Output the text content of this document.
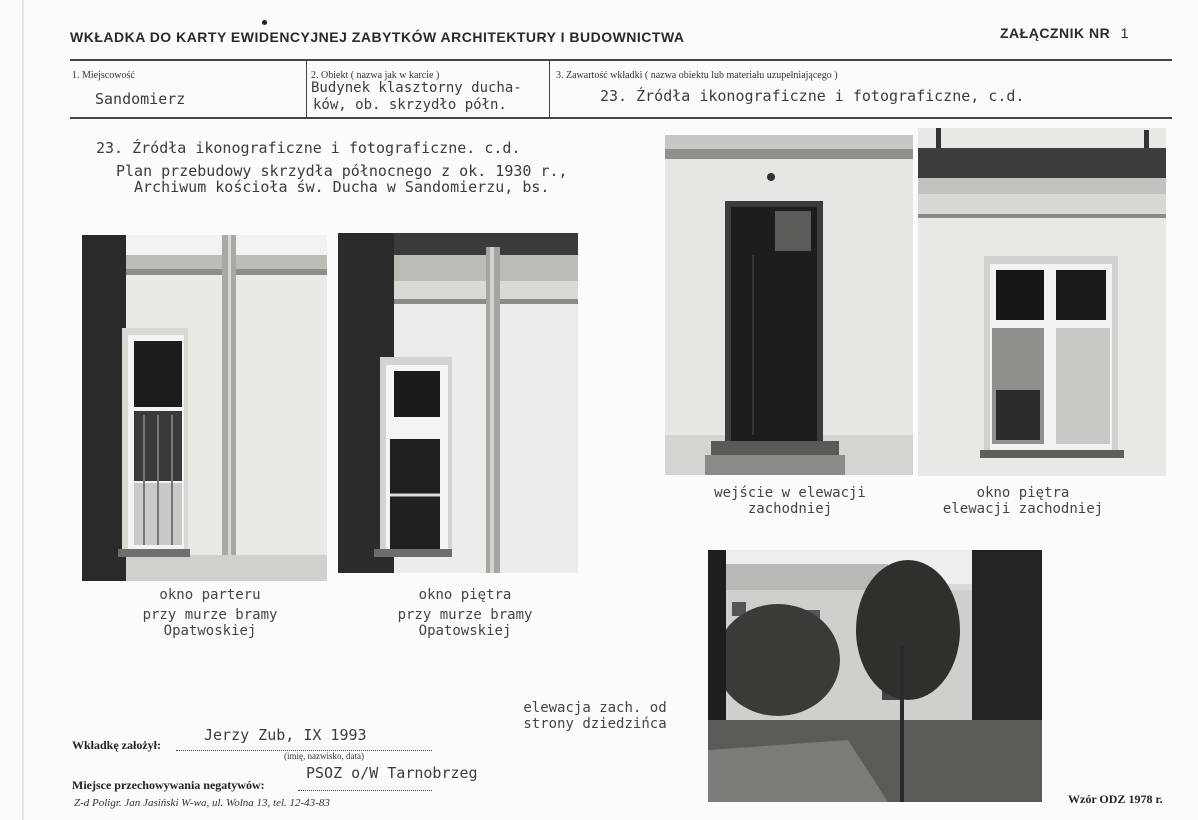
WKŁADKA DO KARTY EWIDENCYJNEJ ZABYTKÓW ARCHITEKTURY I BUDOWNICTWA	ZAŁĄCZNIK NR 1
1. Miejscowość
Sandomierz
2. Obiekt ( nazwa jak w karcie )
Budynek klasztorny ducha-
ków, ob. skrzydło półn.
3. Zawartość wkładki ( nazwa obiektu lub materiału uzupełniającego )
23. Źródła ikonograficzne i fotograficzne, c.d.
23. Źródła ikonograficzne i fotograficzne. c.d.
Plan przebudowy skrzydła północnego z ok. 1930 r.,
Archiwum kościoła św. Ducha w Sandomierzu, bs.
okno parteru
przy murze bramy
Opatwoskiej
okno piętra
przy murze bramy
Opatowskiej
wejście w elewacji
zachodniej
okno piętra
elewacji zachodniej
elewacja zach. od
strony dziedzińca
Wkładkę założył:
Jerzy Zub, IX 1993
(imię, nazwisko, data)
Miejsce przechowywania negatywów:
PSOZ o/W Tarnobrzeg
Z-d Poligr. Jan Jasiński W-wa, ul. Wolna 13, tel. 12-43-83	Wzór ODZ 1978 r.
